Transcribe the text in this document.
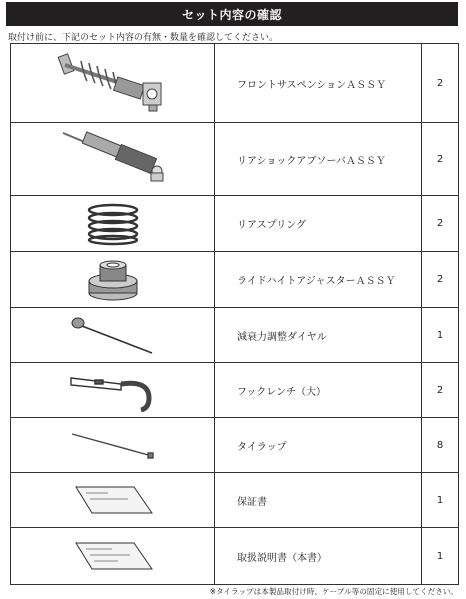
セット内容の確認
取付け前に、下記のセット内容の有無・数量を確認してください。
	フロントサスペンションＡＳＳＹ	2

	リアショックアブソーバＡＳＳＹ	2

	リアスプリング	2

	ライドハイトアジャスターＡＳＳＹ	2

	減衰力調整ダイヤル	1

	フックレンチ（大）	2

	タイラップ	8

	保証書	1

	取扱説明書（本書）	1
※タイラップは本製品取付け時、ケーブル等の固定に使用してください。
